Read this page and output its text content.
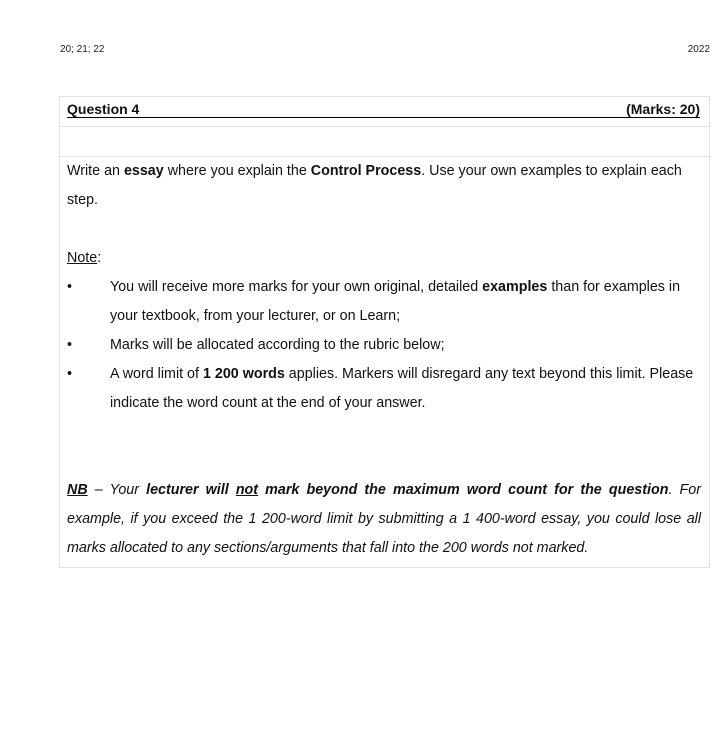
20; 21; 22	2022
Question 4	(Marks: 20)

Write an essay where you explain the Control Process. Use your own examples to explain each step.

Note:

•	You will receive more marks for your own original, detailed examples than for examples in your textbook, from your lecturer, or on Learn;
•	Marks will be allocated according to the rubric below;
•	A word limit of 1 200 words applies. Markers will disregard any text beyond this limit. Please indicate the word count at the end of your answer.

NB – Your lecturer will not mark beyond the maximum word count for the question. For example, if you exceed the 1 200-word limit by submitting a 1 400-word essay, you could lose all marks allocated to any sections/arguments that fall into the 200 words not marked.
